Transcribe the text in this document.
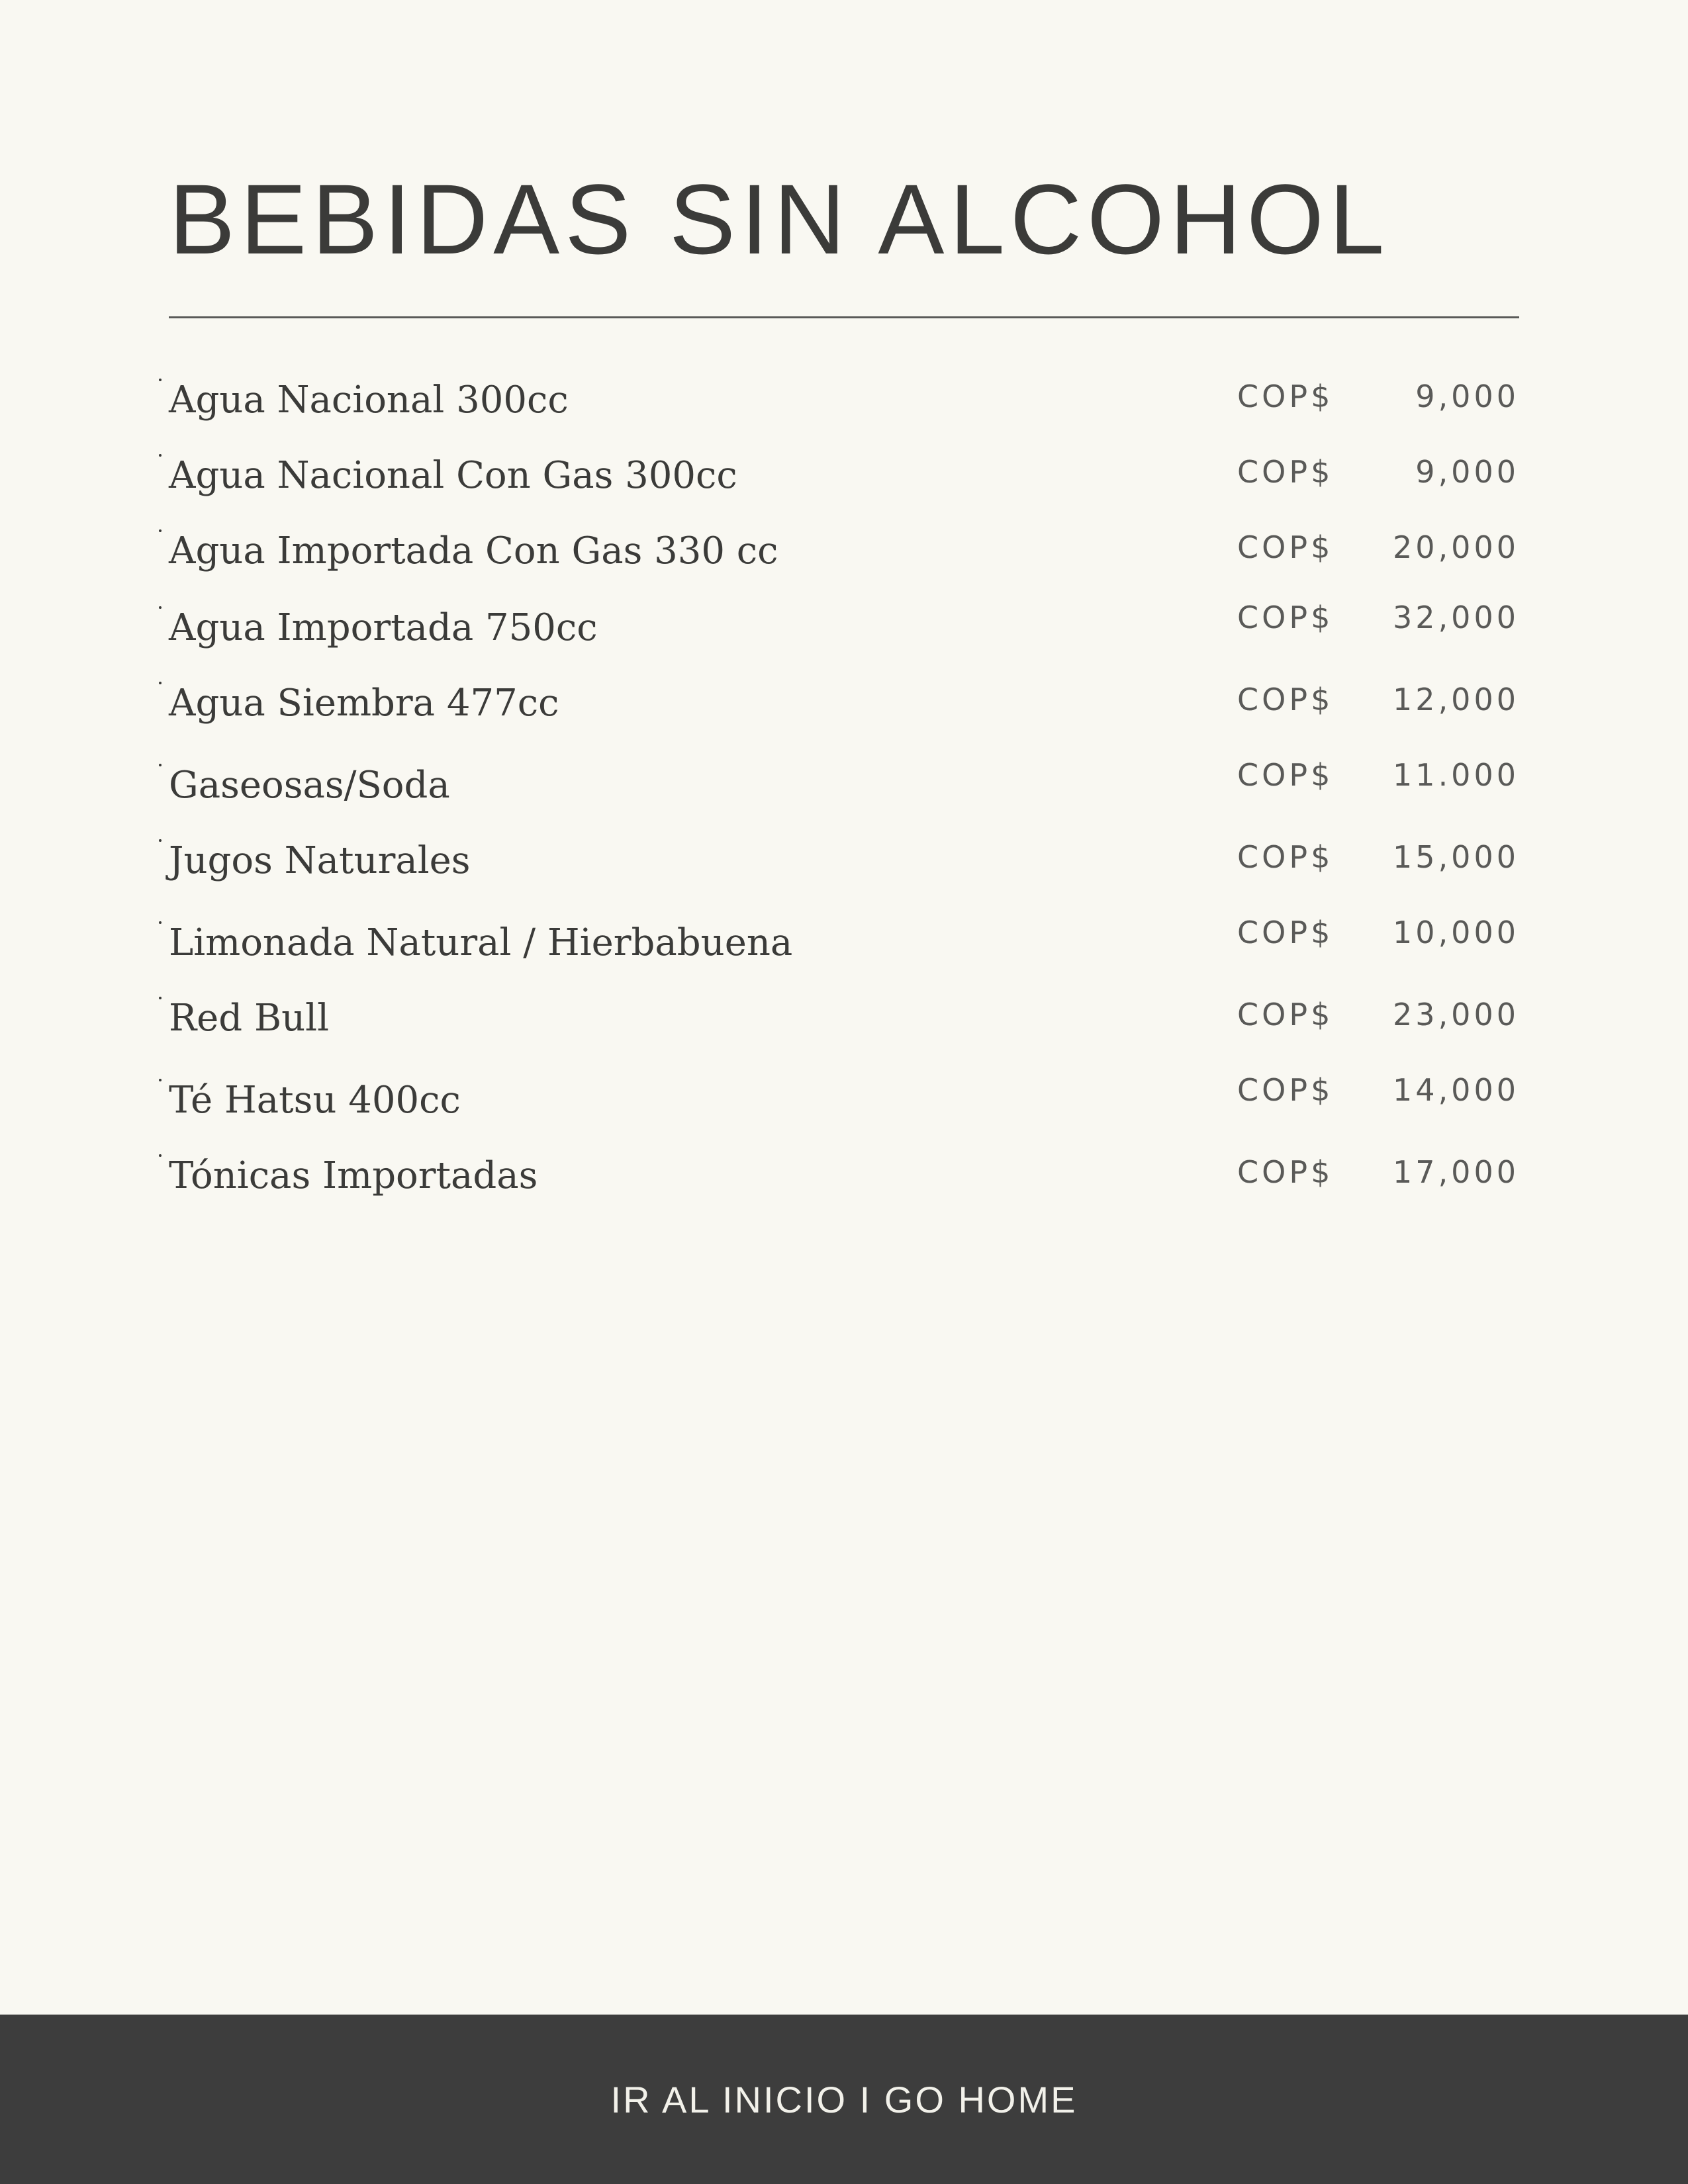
BEBIDAS SIN ALCOHOL
• Agua Nacional 300cc	COP$	9,000
• Agua Nacional Con Gas 300cc	COP$	9,000
• Agua Importada Con Gas 330 cc	COP$ 20,000
• Agua Importada 750cc	COP$ 32,000
• Agua Siembra 477cc	COP$ 12,000
• Gaseosas/Soda	COP$ 11.000
• Jugos Naturales	COP$ 15,000
• Limonada Natural / Hierbabuena	COP$ 10,000
• Red Bull	COP$ 23,000
• Té Hatsu 400cc	COP$ 14,000
• Tónicas Importadas	COP$ 17,000
IR AL INICIO I GO HOME
